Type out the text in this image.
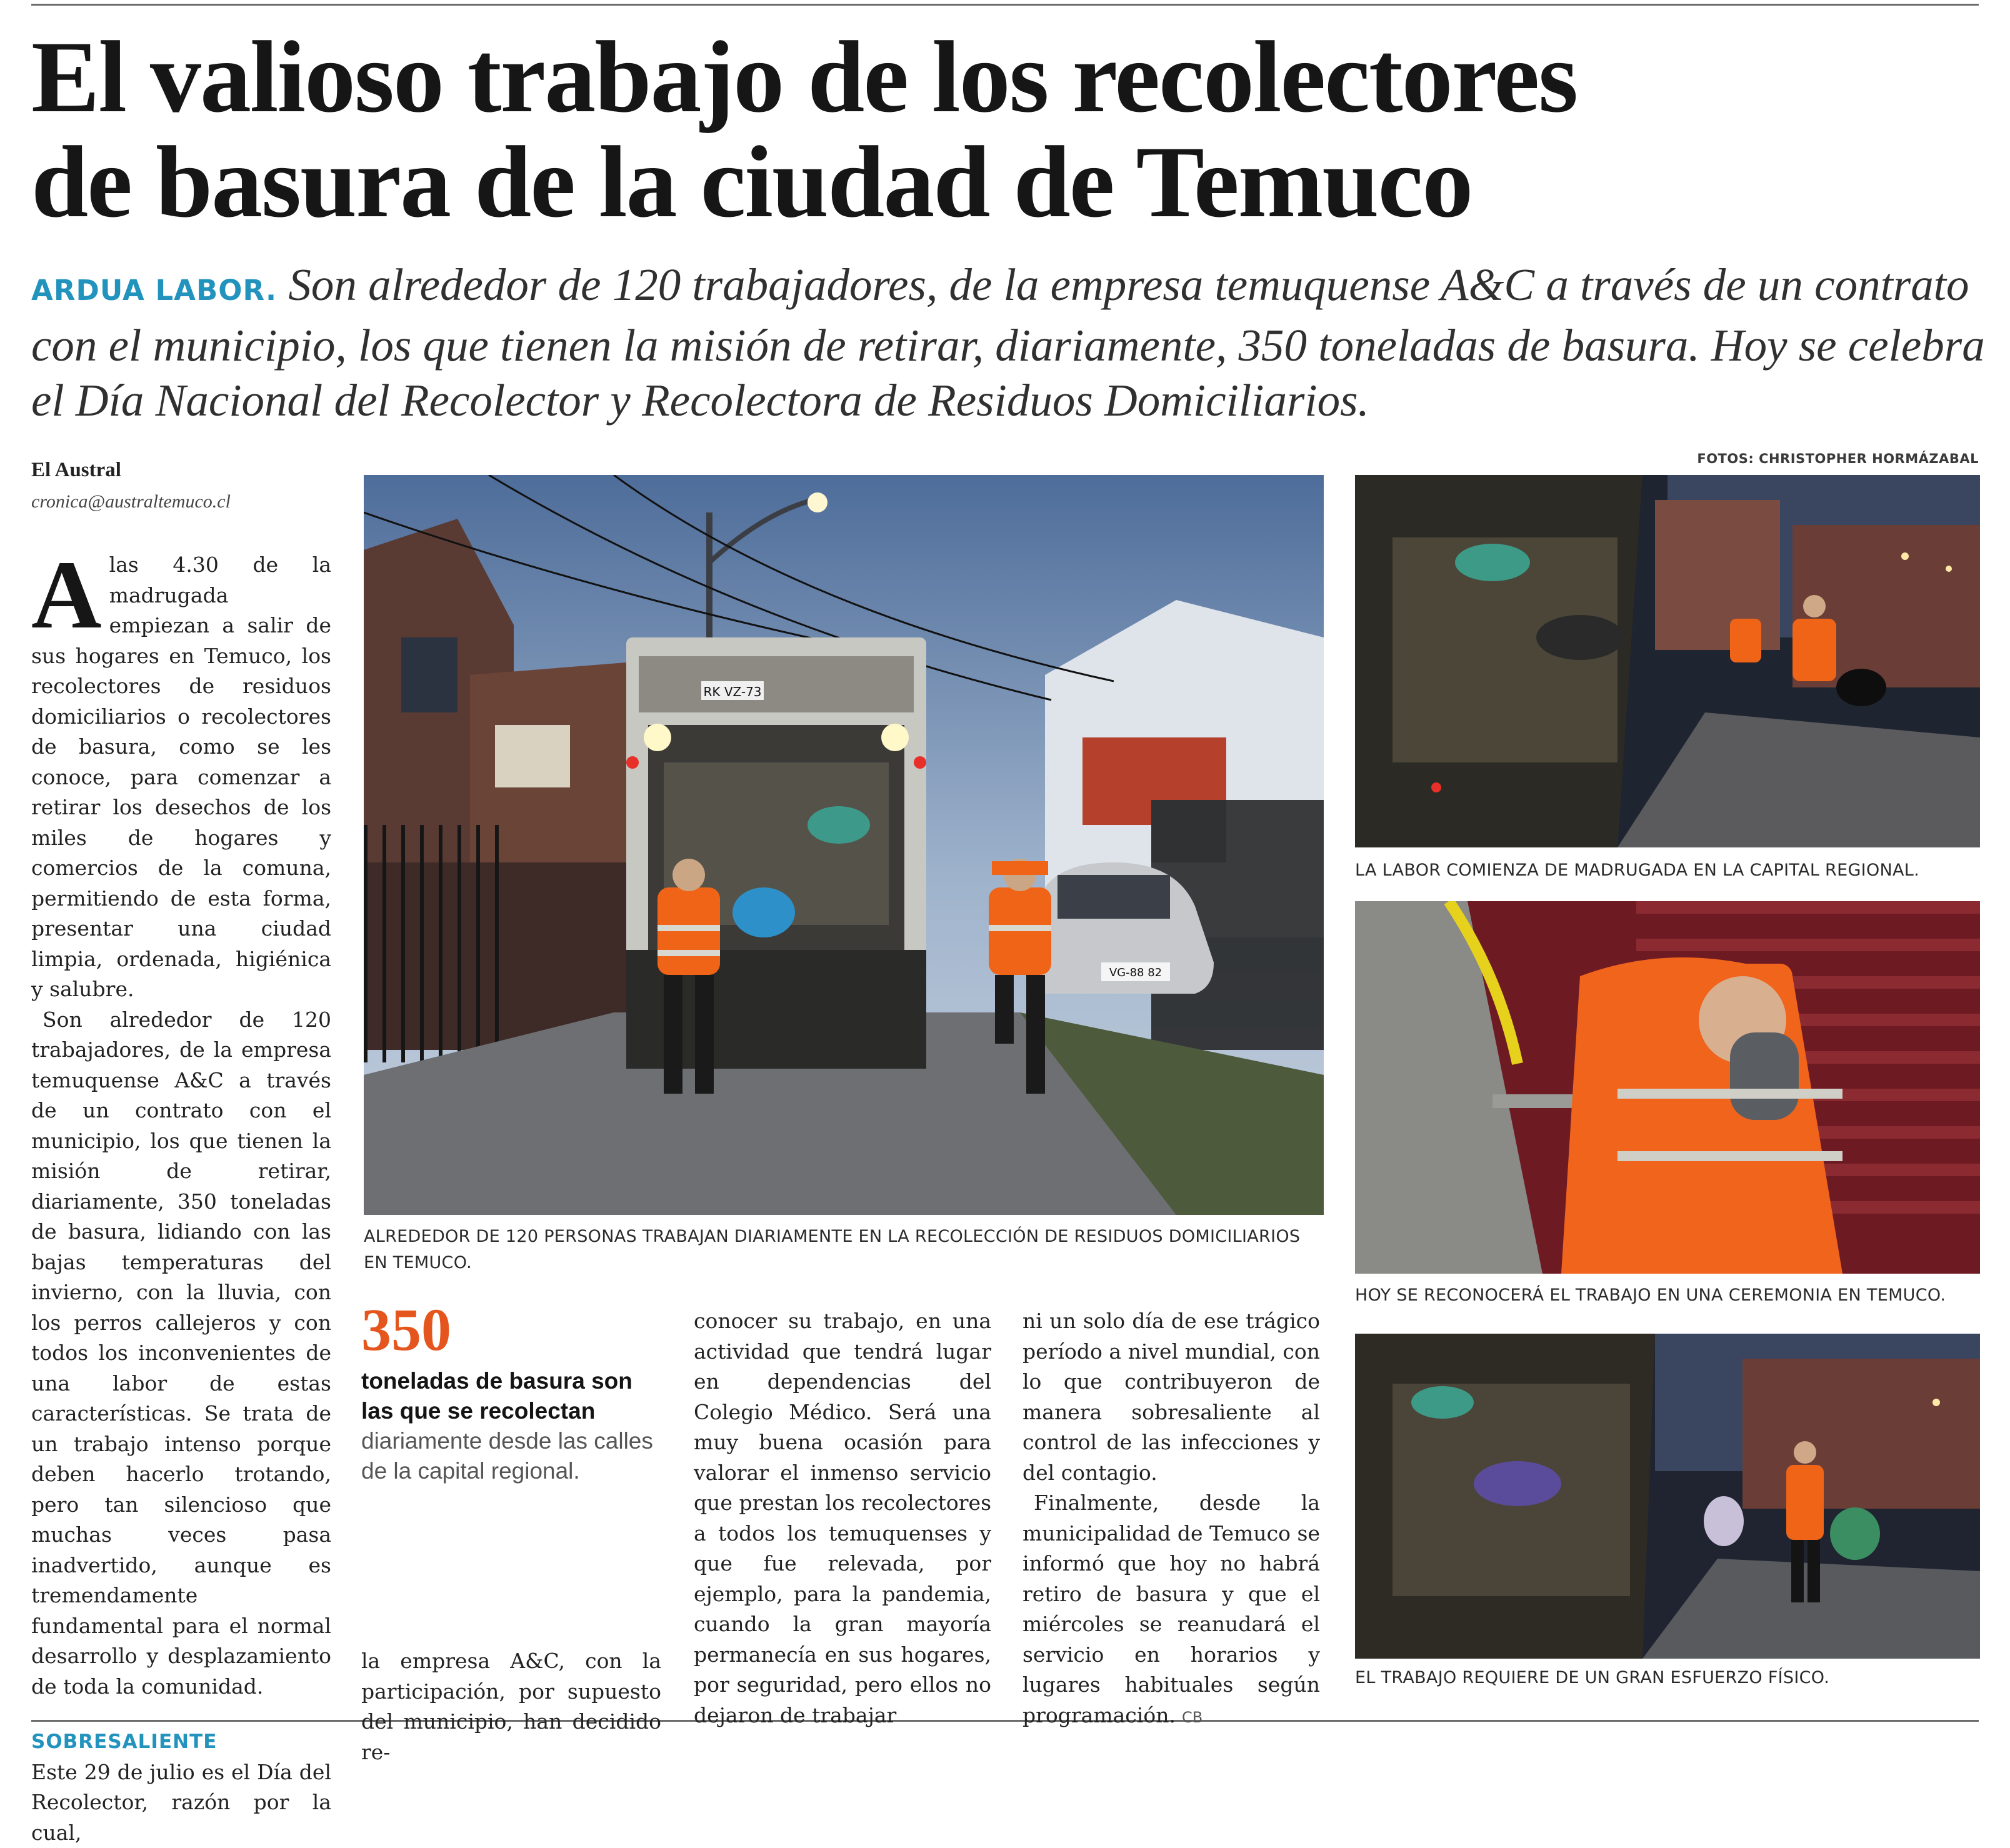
El valioso trabajo de los recolectores
de basura de la ciudad de Temuco

ARDUA LABOR. Son alrededor de 120 trabajadores, de la empresa temuquense A&C a través de un contrato con el municipio, los que tienen la misión de retirar, diariamente, 350 toneladas de basura. Hoy se celebra el Día Nacional del Recolector y Recolectora de Residuos Domiciliarios.

El Austral
cronica@australtemuco.cl
FOTOS: CHRISTOPHER HORMÁZABAL

Alas 4.30 de la madrugada empiezan a salir de sus hogares en Temuco, los recolectores de residuos domiciliarios o recolectores de basura, como se les conoce, para comenzar a retirar los desechos de los miles de hogares y comercios de la comuna, permitiendo de esta forma, presentar una ciudad limpia, ordenada, higiénica y salubre.

Son alrededor de 120 trabajadores, de la empresa temuquense A&C a través de un contrato con el municipio, los que tienen la misión de retirar, diariamente, 350 toneladas de basura, lidiando con las bajas temperaturas del invierno, con la lluvia, con los perros callejeros y con todos los inconvenientes de una labor de estas características. Se trata de un trabajo intenso porque deben hacerlo trotando, pero tan silencioso que muchas veces pasa inadvertido, aunque es tremendamente fundamental para el normal desarrollo y desplazamiento de toda la comunidad.

SOBRESALIENTE

Este 29 de julio es el Día del Recolector, razón por la cual,

RK VZ-73
VG-88 82

ALREDEDOR DE 120 PERSONAS TRABAJAN DIARIAMENTE EN LA RECOLECCIÓN DE RESIDUOS DOMICILIARIOS EN TEMUCO.

350

toneladas de basura son las que se recolectan diariamente desde las calles de la capital regional.

la empresa A&C, con la participación, por supuesto del municipio, han decidido re-

conocer su trabajo, en una actividad que tendrá lugar en dependencias del Colegio Médico. Será una muy buena ocasión para valorar el inmenso servicio que prestan los recolectores a todos los temuquenses y que fue relevada, por ejemplo, para la pandemia, cuando la gran mayoría permanecía en sus hogares, por seguridad, pero ellos no dejaron de trabajar

ni un solo día de ese trágico período a nivel mundial, con lo que contribuyeron de manera sobresaliente al control de las infecciones y del contagio.

Finalmente, desde la municipalidad de Temuco se informó que hoy no habrá retiro de basura y que el miércoles se reanudará el servicio en horarios y lugares habituales según programación. CB

LA LABOR COMIENZA DE MADRUGADA EN LA CAPITAL REGIONAL.

HOY SE RECONOCERÁ EL TRABAJO EN UNA CEREMONIA EN TEMUCO.

EL TRABAJO REQUIERE DE UN GRAN ESFUERZO FÍSICO.
